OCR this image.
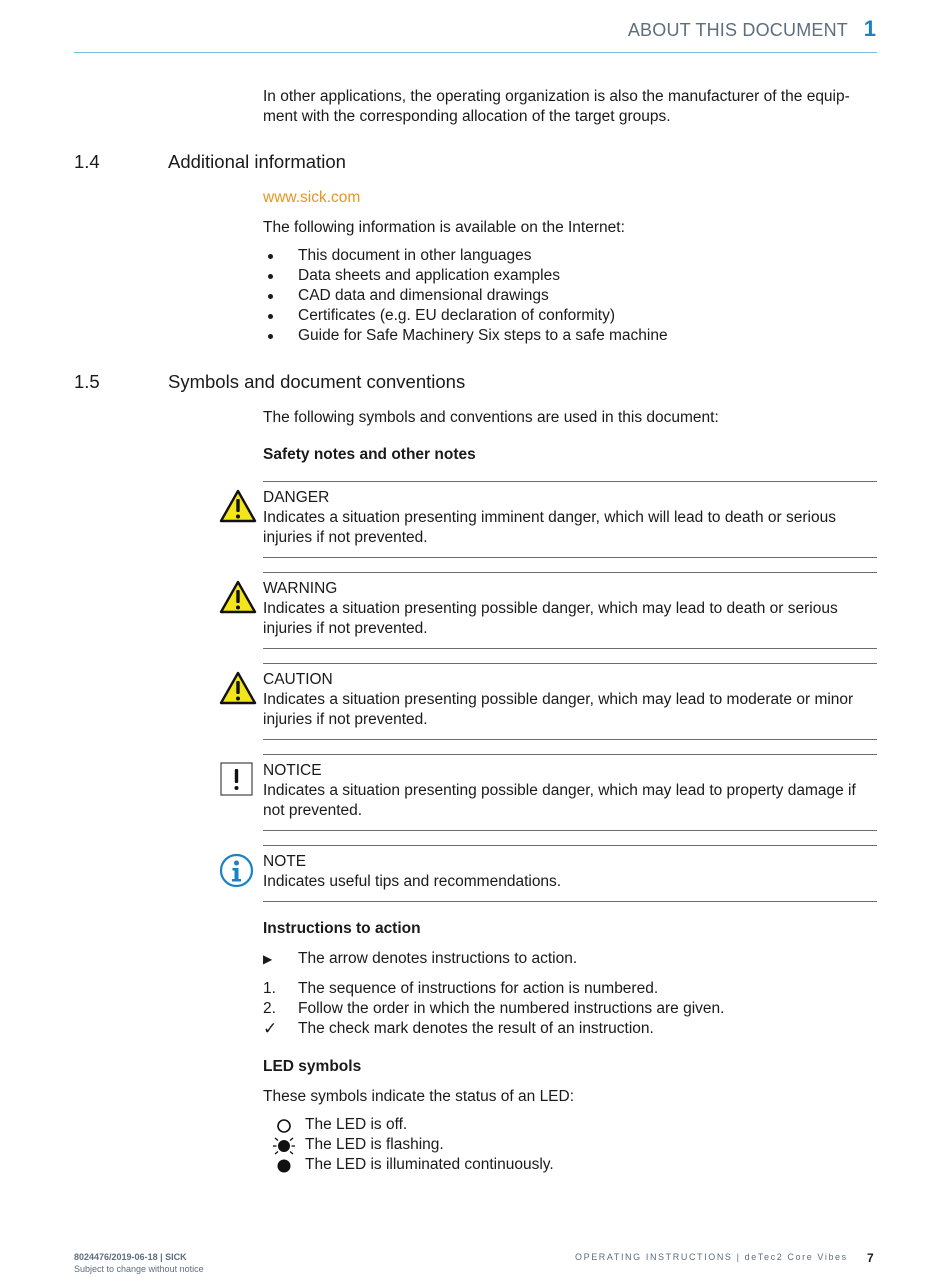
ABOUT THIS DOCUMENT 1
In other applications, the operating organization is also the manufacturer of the equip-
ment with the corresponding allocation of the target groups.
1.4	Additional information
www.sick.com
The following information is available on the Internet:
This document in other languages
Data sheets and application examples
CAD data and dimensional drawings
Certificates (e.g. EU declaration of conformity)
Guide for Safe Machinery Six steps to a safe machine
1.5	Symbols and document conventions
The following symbols and conventions are used in this document:
Safety notes and other notes
DANGER
Indicates a situation presenting imminent danger, which will lead to death or serious injuries if not prevented.
WARNING
Indicates a situation presenting possible danger, which may lead to death or serious injuries if not prevented.
CAUTION
Indicates a situation presenting possible danger, which may lead to moderate or minor injuries if not prevented.
NOTICE
Indicates a situation presenting possible danger, which may lead to property damage if not prevented.
NOTE
Indicates useful tips and recommendations.
Instructions to action
▶ The arrow denotes instructions to action.
1. The sequence of instructions for action is numbered.
2. Follow the order in which the numbered instructions are given.
✓ The check mark denotes the result of an instruction.
LED symbols
These symbols indicate the status of an LED:
The LED is off.
The LED is flashing.
The LED is illuminated continuously.
8024476/2019-06-18 | SICK
Subject to change without notice
OPERATING INSTRUCTIONS | deTec2 Core Vibes 7
